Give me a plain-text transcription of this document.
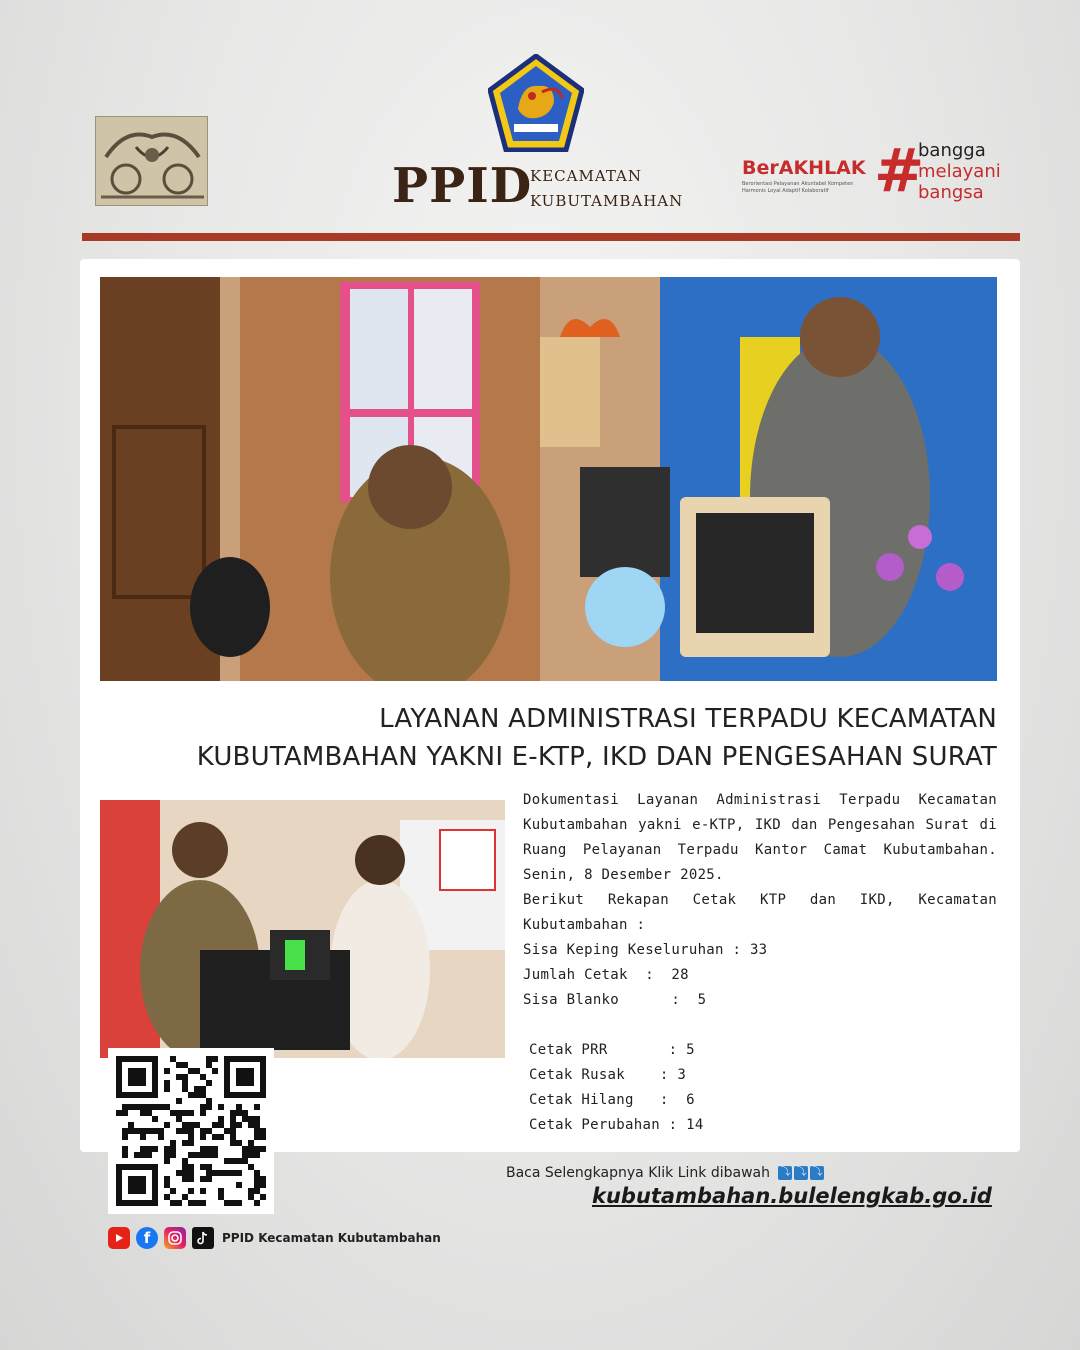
PPID
KECAMATAN
KUBUTAMBAHAN
BerAKHLAK
Berorientasi Pelayanan Akuntabel Kompeten Harmonis Loyal Adaptif Kolaboratif #
bangga
melayani
bangsa
LAYANAN ADMINISTRASI TERPADU KECAMATAN
KUBUTAMBAHAN YAKNI E-KTP, IKD DAN PENGESAHAN SURAT
Dokumentasi Layanan Administrasi Terpadu Kecamatan Kubutambahan yakni e-KTP, IKD dan Pengesahan Surat di Ruang Pelayanan Terpadu Kantor Camat Kubutambahan. Senin, 8 Desember 2025.
Berikut Rekapan Cetak KTP dan IKD, Kecamatan Kubutambahan :
Sisa Keping Keseluruhan : 33
Jumlah Cetak  :  28
Sisa Blanko      :  5
Cetak PRR       : 5
Cetak Rusak    : 3
Cetak Hilang   :  6
Cetak Perubahan : 14
Baca Selengkapnya Klik Link dibawah ⤵ ⤵ ⤵
kubutambahan.bulelengkab.go.id
f	PPID Kecamatan Kubutambahan
